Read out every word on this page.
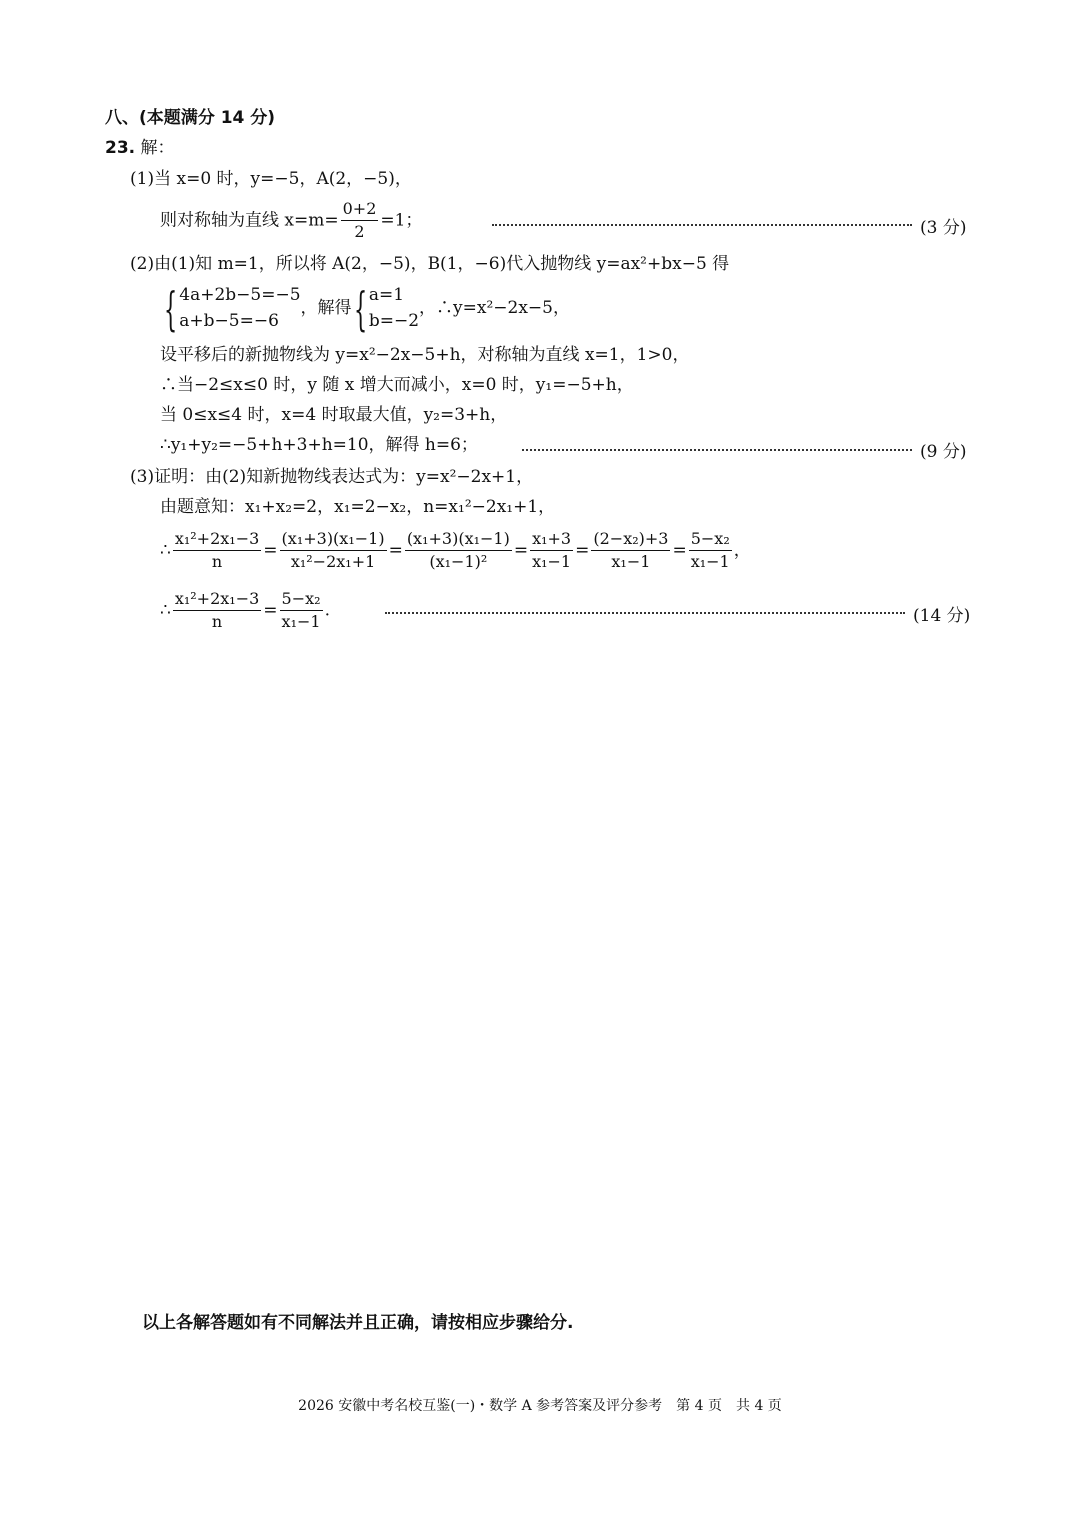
八、(本题满分 14 分)
23. 解：
(1)当 x=0 时，y=−5，A(2，−5)，
则对称轴为直线 $x=m= \frac{0+2}{2} =1$；	(3 分)
(2)由(1)知 m=1，所以将 A(2，−5)，B(1，−6)代入抛物线 y=ax²+bx−5 得
{ 4a+2b−5=−5
a+b−5=−6
，解得{ a=1
b=−2
，∴y=x²−2x−5，
设平移后的新抛物线为 y=x²−2x−5+h，对称轴为直线 x=1，1>0，
∴当−2≤x≤0 时，y 随 x 增大而减小，x=0 时，y₁=−5+h，
当 0≤x≤4 时，x=4 时取最大值，y₂=3+h，
∴y₁+y₂=−5+h+3+h=10，解得 h=6；	(9 分)
(3)证明：由(2)知新抛物线表达式为：y=x²−2x+1，
由题意知：x₁+x₂=2，x₁=2−x₂，n=x₁²−2x₁+1，
∴ $\frac{\text{x₁²+2x₁−3}}{n} = \frac{\text{(x₁+3)(x₁−1)}}{\text{x₁²−2x₁+1}} = \frac{\text{(x₁+3)(x₁−1)}}{\text{(x₁−1)²}} = \frac{\text{x₁+3}}{\text{x₁−1}} = \frac{\text{(2−x₂)+3}}{\text{x₁−1}} = \frac{\text{5−x₂}}{\text{x₁−1}}$ ，
∴ $\frac{\text{x₁²+2x₁−3}}{n} = \frac{\text{5−x₂}}{\text{x₁−1}}$ .	(14 分)
以上各解答题如有不同解法并且正确，请按相应步骤给分.
2026 安徽中考名校互鉴(一)・数学 A 参考答案及评分参考　第 4 页　共 4 页
